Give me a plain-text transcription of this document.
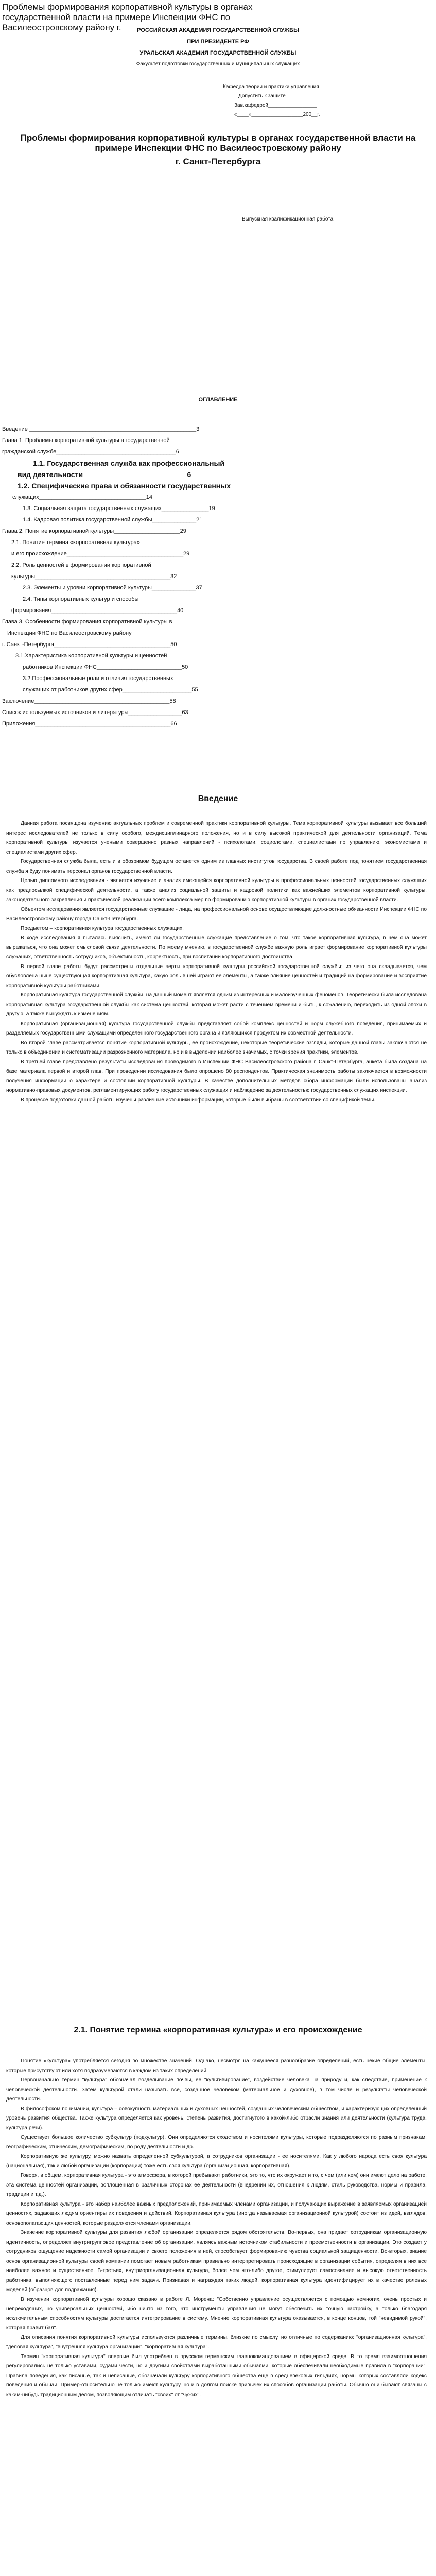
Проблемы формирования корпоративной культуры в органах государственной власти на примере Инспекции ФНС по Василеостровскому району г.	РОССИЙСКАЯ АКАДЕМИЯ ГОСУДАРСТВЕННОЙ СЛУЖБЫ
ПРИ ПРЕЗИДЕНТЕ РФ
УРАЛЬСКАЯ АКАДЕМИЯ ГОСУДАРСТВЕННОЙ СЛУЖБЫ
Факультет подготовки государственных и муниципальных служащих
Кафедра теории и практики управления
Допустить к защите
Зав.кафедрой_________________
«____»__________________200__г.
Проблемы формирования корпоративной культуры в органах государственной власти на примере Инспекции ФНС по Василеостровскому району
г. Санкт-Петербурга
Выпускная квалификационная работа
ОГЛАВЛЕНИЕ
Введение _____________________________________________________3
Глава 1. Проблемы корпоративной культуры в государственной
гражданской службе______________________________________6
1.1. Государственная служба как профессиональный
вид деятельности__________________________6
1.2. Специфические права и обязанности государственных
служащих__________________________________14
1.3. Социальная защита государственных служащих_______________19
1.4. Кадровая политика государственной службы______________21
Глава 2. Понятие корпоративной культуры_____________________29
2.1. Понятие термина «корпоративная культура»
и его происхождение_____________________________________29
2.2. Роль ценностей в формировании корпоративной
культуры___________________________________________32
2.3. Элементы и уровни корпоративной культуры______________37
2.4. Типы корпоративных культур и способы
формирования________________________________________40
Глава 3. Особенности формирования корпоративной культуры в
Инспекции ФНС по Василеостровскому району
г. Санкт-Петербурга_____________________________________50
3.1.Характеристика корпоративной культуры и ценностей
работников Инспекции ФНС___________________________50
3.2.Профессиональные роли и отличия государственных
служащих от работников других сфер______________________55
Заключение___________________________________________58
Список используемых источников и литературы_________________63
Приложения___________________________________________66
Введение

Данная работа посвящена изучению актуальных проблем и современной практики корпоративной культуры. Тема корпоративной культуры вызывает все больший интерес исследователей не только в силу особого, междисциплинарного положения, но и в силу высокой практической для деятельности организаций. Тема корпоративной культуры изучается учеными совершенно разных направлений - психологами, социологами, специалистами по управлению, экономистами и специалистами других сфер.

Государственная служба была, есть и в обозримом будущем останется одним из главных институтов государства. В своей работе под понятием государственная служба я буду понимать персонал органов государственной власти.

Целью дипломного исследования - является изучение и анализ имеющейся корпоративной культуры в профессиональных ценностей государственных служащих как предпосылкой специфической деятельности, а также анализ социальной защиты и кадровой политики как важнейших элементов корпоративной культуры, законодательного закрепления и практической реализации всего комплекса мер по формированию корпоративной культуры в органах государственной власти.

Объектом исследования является государственные служащие - лица, на профессиональной основе осуществляющие должностные обязанности Инспекции ФНС по Василеостровскому району города Санкт-Петербурга.

Предметом – корпоративная культура государственных служащих.

В ходе исследования я пыталась выяснить, имеют ли государственные служащие представление о том, что такое корпоративная культура, в чем она может выражаться, что она может смысловой связи деятельности. По моему мнению, в государственной службе важную роль играет формирование корпоративной культуры служащих, ответственность сотрудников, объективность, корректность, при воспитании корпоративного достоинства.

В первой главе работы будут рассмотрены отдельные черты корпоративной культуры российской государственной службы; из чего она складывается, чем обусловлена ныне существующая корпоративная культура, какую роль в ней играют её элементы, а также влияние ценностей и традиций на формирование и восприятие корпоративной культуры работниками.

Корпоративная культура государственной службы, на данный момент является одним из интересных и малоизученных феноменов. Теоретически была исследована корпоративная культура государственной службы как система ценностей, которая может расти с течением времени и быть, к сожалению, переходить из одной эпохи в другую, а также вынуждать к изменениям.

Корпоративная (организационная) культура государственной службы представляет собой комплекс ценностей и норм служебного поведения, принимаемых и разделяемых государственными служащими определенного государственного органа и являющихся продуктом их совместной деятельности.

Во второй главе рассматривается понятие корпоративной культуры, её происхождение, некоторые теоретические взгляды, которые данной главы заключаются не только в объединении и систематизации разрозненного материала, но и в выделении наиболее значимых, с точки зрения практики, элементов.

В третьей главе представлено результаты исследования проводимого в Инспекции ФНС Василеостровского района г. Санкт-Петербурга, анкета была создана на базе материала первой и второй глав. При проведении исследования было опрошено 80 респондентов. Практическая значимость работы заключается в возможности получения информации о характере и состоянии корпоративной культуры. В качестве дополнительных методов сбора информации были использованы анализ нормативно-правовых документов, регламентирующих работу государственных служащих и наблюдение за деятельностью государственных служащих инспекции.

В процессе подготовки данной работы изучены различные источники информации, которые были выбраны в соответствии со спецификой темы.

2.1. Понятие термина «корпоративная культура» и его происхождение

Понятие «культура» употребляется сегодня во множестве значений. Однако, несмотря на кажущееся разнообразие определений, есть некие общие элементы, которые присутствуют или хотя подразумеваются в каждом из таких определений.

Первоначально термин "культура" обозначал возделывание почвы, ее "культивирование", воздействие человека на природу и, как следствие, применение к человеческой деятельности. Затем культурой стали называть все, созданное человеком (материальное и духовное), в том числе и результаты человеческой деятельности.

В философском понимании, культура – совокупность материальных и духовных ценностей, созданных человеческим обществом, и характеризующих определенный уровень развития общества. Также культура определяется как уровень, степень развития, достигнутого в какой-либо отрасли знания или деятельности (культура труда, культура речи).

Существует большое количество субкультур (подкультур). Они определяются сходством и носителями культуры, которые подразделяются по разным признакам: географическим, этническим, демографическим, по роду деятельности и др.

Корпоративную же культуру, можно назвать определенной субкультурой, а сотрудников организации - ее носителями. Как у любого народа есть своя культура (национальная), так и любой организации (корпорации) тоже есть своя культура (организационная, корпоративная).

Говоря, в общем, корпоративная культура - это атмосфера, в которой пребывают работники, это то, что их окружает и то, с чем (или кем) они имеют дело на работе, эта система ценностей организации, воплощенная в различных сторонах ее деятельности (внедрении их, отношения к людям, стиль руководства, нормы и правила, традиции и т.д.).

Корпоративная культура - это набор наиболее важных предположений, принимаемых членами организации, и получающих выражение в заявляемых организацией ценностях, задающих людям ориентиры их поведения и действий. Корпоративная культура (иногда называемая организационной культурой) состоит из идей, взглядов, основополагающих ценностей, которые разделяются членами организации.

Значение корпоративной культуры для развития любой организации определяется рядом обстоятельств. Во-первых, она придает сотрудникам организационную идентичность, определяет внутригрупповое представление об организации, являясь важным источником стабильности и преемственности в организации. Это создает у сотрудников ощущение надежности самой организации и своего положения в ней, способствует формированию чувства социальной защищенности. Во-вторых, знание основ организационной культуры своей компании помогает новым работникам правильно интерпретировать происходящие в организации события, определяя в них все наиболее важное и существенное. В-третьих, внутриорганизационная культура, более чем что-либо другое, стимулирует самосознание и высокую ответственность работника, выполняющего поставленные перед ним задачи. Признавая и награждая таких людей, корпоративная культура идентифицирует их в качестве ролевых моделей (образцов для подражания).

В изучении корпоративной культуры хорошо сказано в работе Л. Морена: "Собственно управление осуществляется с помощью немногих, очень простых и непреходящих, но универсальных ценностей, ибо ничто из того, что инструменты управления не могут обеспечить их точную настройку, а только благодаря исключительным способностям культуры достигается интегрирование в систему. Мнение корпоративная культура оказывается, в конце концов, той "невидимой рукой", которая правит бал".

Для описания понятия корпоративной культуры используются различные термины, близкие по смыслу, но отличные по содержанию: "организационная культура", "деловая культура", "внутренняя культура организации", "корпоративная культура".

Термин "корпоративная культура" впервые был употреблен в прусском германским главнокомандованием в офицерской среде. В то время взаимоотношения регулировались не только уставами, судами чести, но и другими свойствами выработанными обычаями, которые обеспечивали необходимые правила в "корпорации". Правила поведения, как писаные, так и неписаные, обозначали культуру корпоративного общества еще в средневековых гильдиях, нормы которых составляли кодекс поведения и обычаи. Пример-относительно не только имеют культуру, но и в долгом поиске привычек их способов организации работы. Обычно они бывают связаны с каким-нибудь традиционным делом, позволяющим отличать "своих" от "чужих".
